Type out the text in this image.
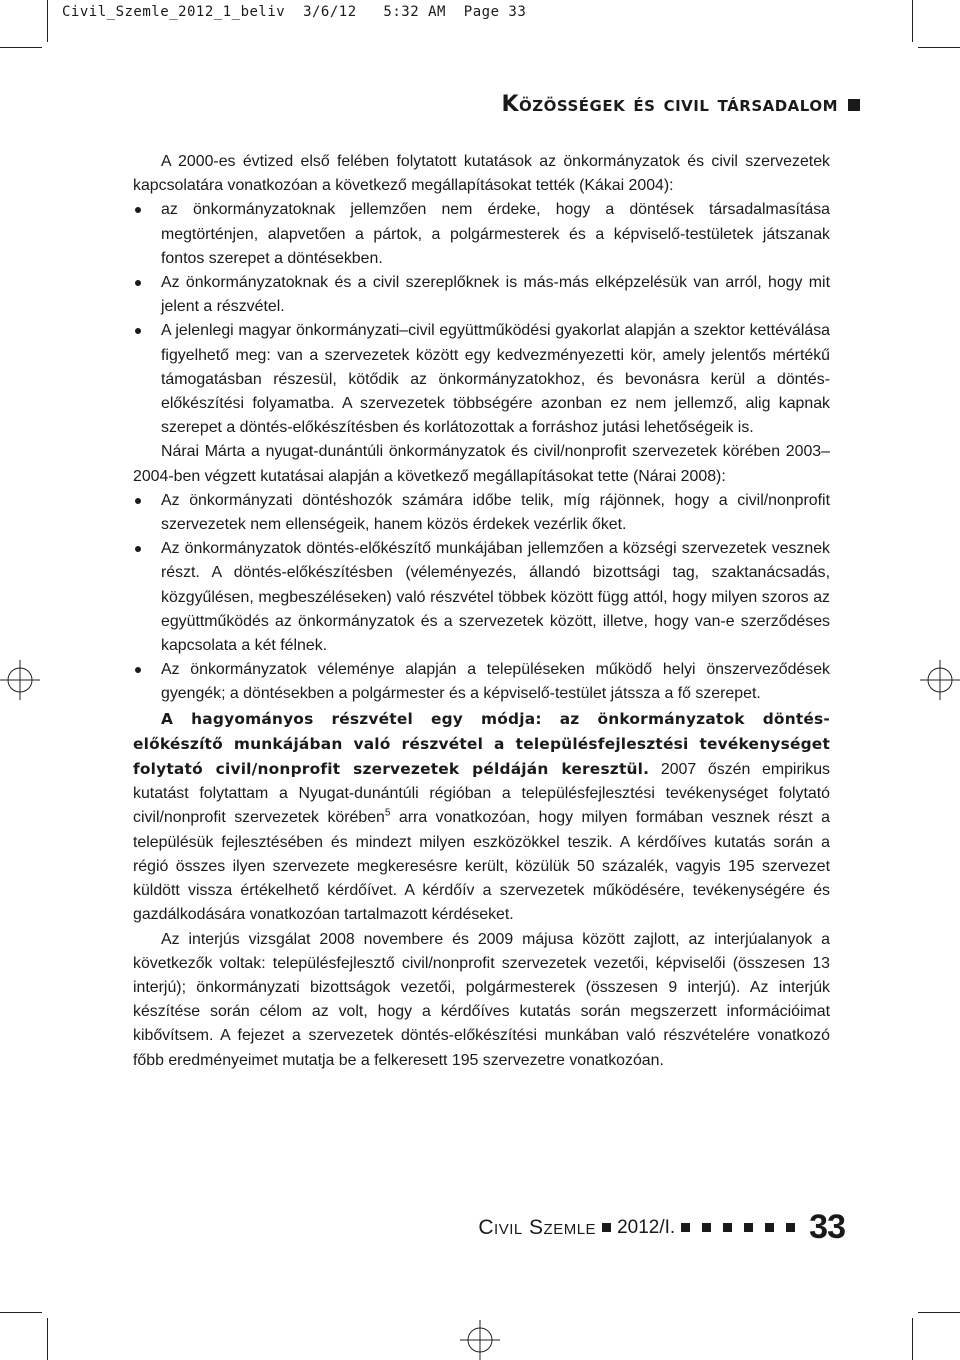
Civil_Szemle_2012_1_beliv  3/6/12   5:32 AM  Page 33
Közösségek és civil társadalom

A 2000-es évtized első felében folytatott kutatások az önkormányzatok és civil szervezetek kapcsolatára vonatkozóan a következő megállapításokat tették (Kákai 2004):

az önkormányzatoknak jellemzően nem érdeke, hogy a döntések társadalmasítása megtörténjen, alapvetően a pártok, a polgármesterek és a képviselő-testületek játszanak fontos szerepet a döntésekben.
Az önkormányzatoknak és a civil szereplőknek is más-más elképzelésük van arról, hogy mit jelent a részvétel.
A jelenlegi magyar önkormányzati–civil együttműködési gyakorlat alapján a szektor kettéválása figyelhető meg: van a szervezetek között egy kedvezményezetti kör, amely jelentős mértékű támogatásban részesül, kötődik az önkormányzatokhoz, és bevonásra kerül a döntés-előkészítési folyamatba. A szervezetek többségére azonban ez nem jellemző, alig kapnak szerepet a döntés-előkészítésben és korlátozottak a forráshoz jutási lehetőségeik is.

Nárai Márta a nyugat-dunántúli önkormányzatok és civil/nonprofit szervezetek körében 2003–2004-ben végzett kutatásai alapján a következő megállapításokat tette (Nárai 2008):

Az önkormányzati döntéshozók számára időbe telik, míg rájönnek, hogy a civil/nonprofit szervezetek nem ellenségeik, hanem közös érdekek vezérlik őket.
Az önkormányzatok döntés-előkészítő munkájában jellemzően a községi szervezetek vesznek részt. A döntés-előkészítésben (véleményezés, állandó bizottsági tag, szaktanácsadás, közgyűlésen, megbeszéléseken) való részvétel többek között függ attól, hogy milyen szoros az együttműködés az önkormányzatok és a szervezetek között, illetve, hogy van-e szerződéses kapcsolata a két félnek.
Az önkormányzatok véleménye alapján a településeken működő helyi önszerveződések gyengék; a döntésekben a polgármester és a képviselő-testület játssza a fő szerepet.

A hagyományos részvétel egy módja: az önkormányzatok döntés-előkészítő munkájában való részvétel a településfejlesztési tevékenységet folytató civil/nonprofit szervezetek példáján keresztül. 2007 őszén empirikus kutatást folytattam a Nyugat-dunántúli régióban a településfejlesztési tevékenységet folytató civil/nonprofit szervezetek körében$^5$ arra vonatkozóan, hogy milyen formában vesznek részt a településük fejlesztésében és mindezt milyen eszközökkel teszik. A kérdőíves kutatás során a régió összes ilyen szervezete megkeresésre került, közülük 50 százalék, vagyis 195 szervezet küldött vissza értékelhető kérdőívet. A kérdőív a szervezetek működésére, tevékenységére és gazdálkodására vonatkozóan tartalmazott kérdéseket.

Az interjús vizsgálat 2008 novembere és 2009 májusa között zajlott, az interjúalanyok a következők voltak: településfejlesztő civil/nonprofit szervezetek vezetői, képviselői (összesen 13 interjú); önkormányzati bizottságok vezetői, polgármesterek (összesen 9 interjú). Az interjúk készítése során célom az volt, hogy a kérdőíves kutatás során megszerzett információimat kibővítsem. A fejezet a szervezetek döntés-előkészítési munkában való részvételére vonatkozó főbb eredményeimet mutatja be a felkeresett 195 szervezetre vonatkozóan.

Civil Szemle 2012/I.	33
